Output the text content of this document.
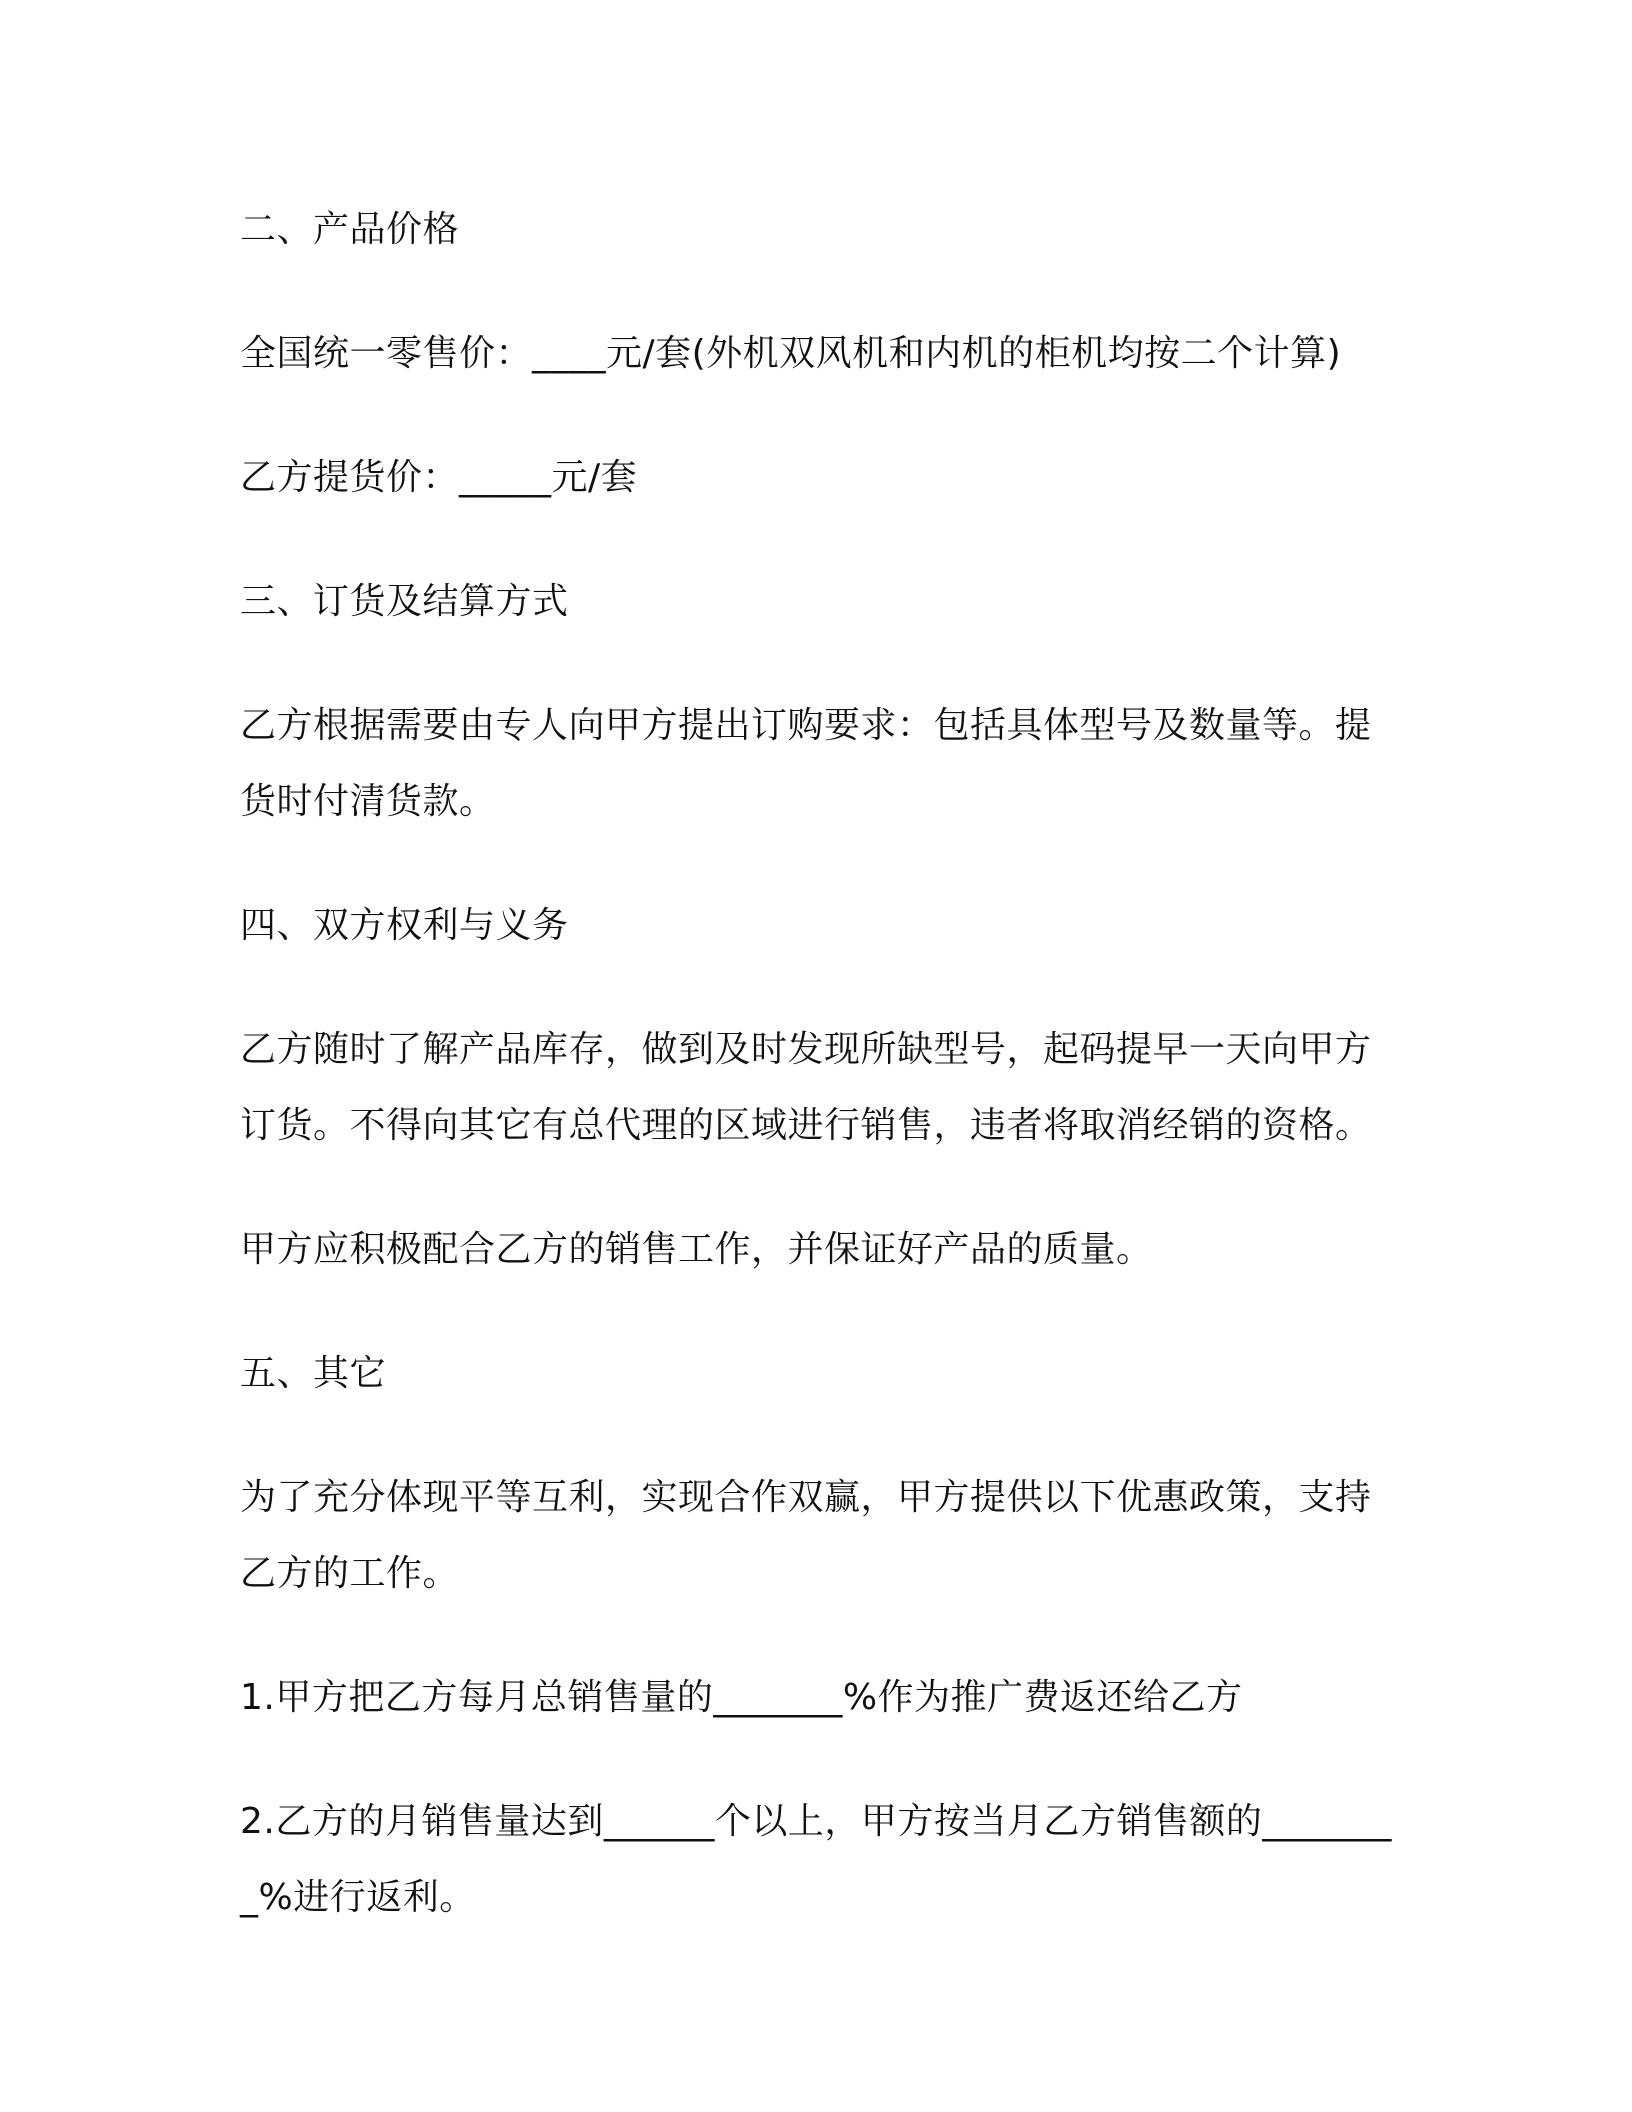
二、产品价格

全国统一零售价：____元/套(外机双风机和内机的柜机均按二个计算)

乙方提货价：_____元/套

三、订货及结算方式

乙方根据需要由专人向甲方提出订购要求：包括具体型号及数量等。提货时付清货款。

四、双方权利与义务

乙方随时了解产品库存，做到及时发现所缺型号，起码提早一天向甲方订货。不得向其它有总代理的区域进行销售，违者将取消经销的资格。

甲方应积极配合乙方的销售工作，并保证好产品的质量。

五、其它

为了充分体现平等互利，实现合作双赢，甲方提供以下优惠政策，支持乙方的工作。

1.甲方把乙方每月总销售量的_______%作为推广费返还给乙方

2.乙方的月销售量达到______个以上，甲方按当月乙方销售额的________%进行返利。
